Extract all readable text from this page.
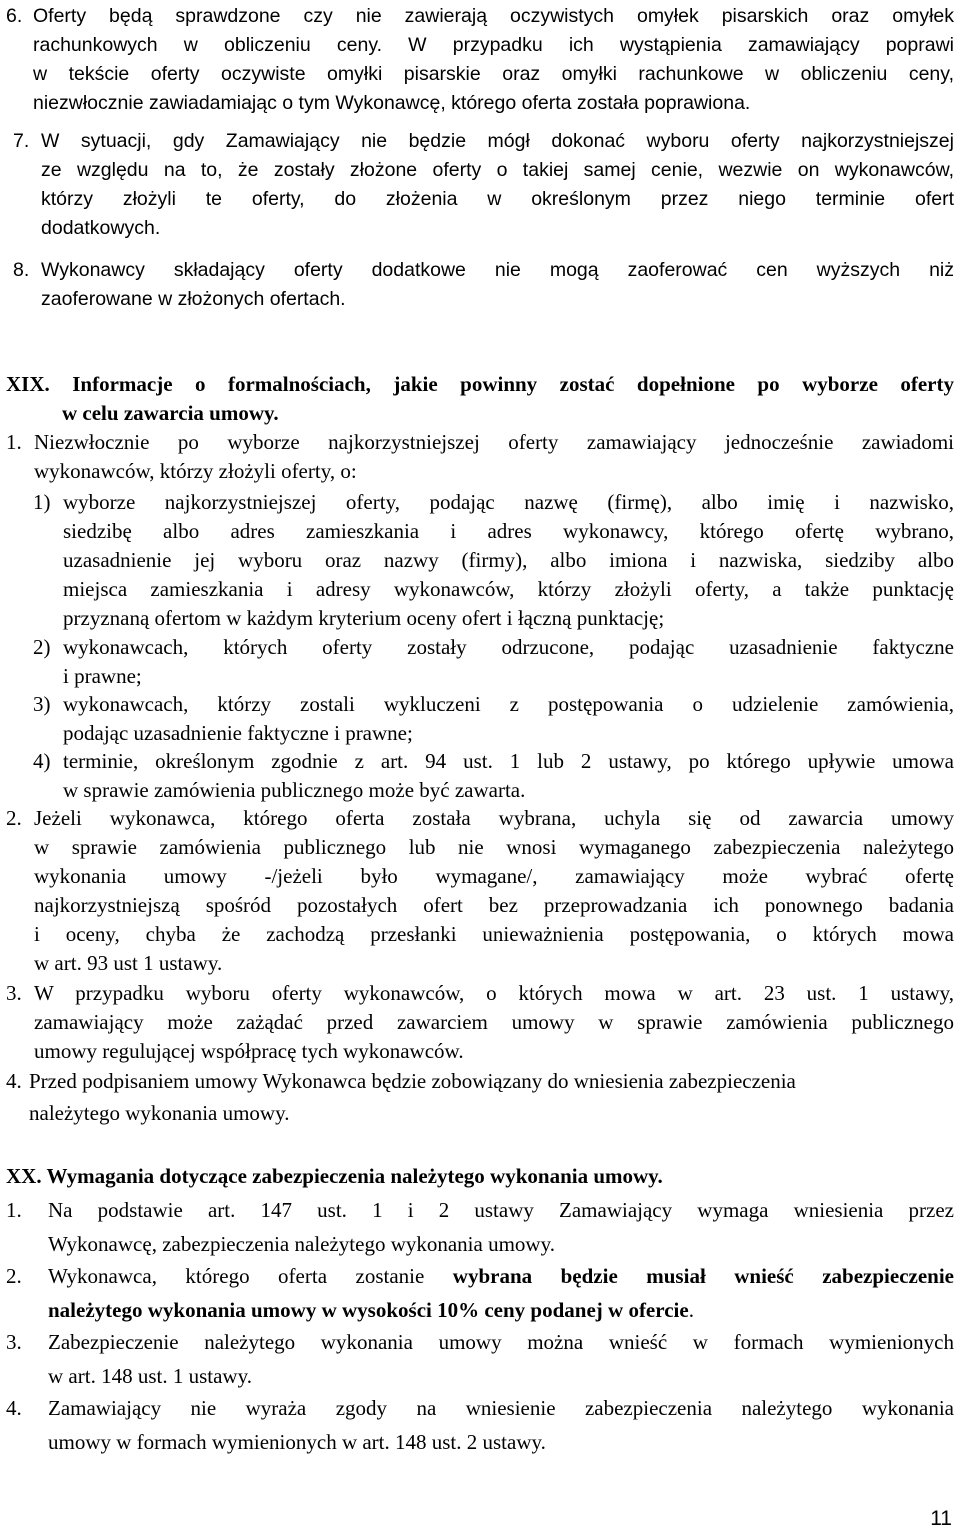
6. Oferty będą sprawdzone czy nie zawierają oczywistych omyłek pisarskich oraz omyłek
rachunkowych w obliczeniu ceny. W przypadku ich wystąpienia zamawiający poprawi
w tekście oferty oczywiste omyłki pisarskie oraz omyłki rachunkowe w obliczeniu ceny,
niezwłocznie zawiadamiając o tym Wykonawcę, którego oferta została poprawiona.
7. W sytuacji, gdy Zamawiający nie będzie mógł dokonać wyboru oferty najkorzystniejszej
ze względu na to, że zostały złożone oferty o takiej samej cenie, wezwie on wykonawców,
którzy złożyli te oferty, do złożenia w określonym przez niego terminie ofert
dodatkowych.
8. Wykonawcy składający oferty dodatkowe nie mogą zaoferować cen wyższych niż
zaoferowane w złożonych ofertach.
XIX. Informacje o formalnościach, jakie powinny zostać dopełnione po wyborze oferty
w celu zawarcia umowy.
1. Niezwłocznie po wyborze najkorzystniejszej oferty zamawiający jednocześnie zawiadomi
wykonawców, którzy złożyli oferty, o:
1) wyborze najkorzystniejszej oferty, podając nazwę (firmę), albo imię i nazwisko,
siedzibę albo adres zamieszkania i adres wykonawcy, którego ofertę wybrano,
uzasadnienie jej wyboru oraz nazwy (firmy), albo imiona i nazwiska, siedziby albo
miejsca zamieszkania i adresy wykonawców, którzy złożyli oferty, a także punktację
przyznaną ofertom w każdym kryterium oceny ofert i łączną punktację;
2) wykonawcach, których oferty zostały odrzucone, podając uzasadnienie faktyczne
i prawne;
3) wykonawcach, którzy zostali wykluczeni z postępowania o udzielenie zamówienia,
podając uzasadnienie faktyczne i prawne;
4) terminie, określonym zgodnie z art. 94 ust. 1 lub 2 ustawy, po którego upływie umowa
w sprawie zamówienia publicznego może być zawarta.
2. Jeżeli wykonawca, którego oferta została wybrana, uchyla się od zawarcia umowy
w sprawie zamówienia publicznego lub nie wnosi wymaganego zabezpieczenia należytego
wykonania umowy -/jeżeli było wymagane/, zamawiający może wybrać ofertę
najkorzystniejszą spośród pozostałych ofert bez przeprowadzania ich ponownego badania
i oceny, chyba że zachodzą przesłanki unieważnienia postępowania, o których mowa
w art. 93 ust 1 ustawy.
3. W przypadku wyboru oferty wykonawców, o których mowa w art. 23 ust. 1 ustawy,
zamawiający może zażądać przed zawarciem umowy w sprawie zamówienia publicznego
umowy regulującej współpracę tych wykonawców.
4. Przed podpisaniem umowy Wykonawca będzie zobowiązany do wniesienia zabezpieczenia
należytego wykonania umowy.
XX. Wymagania dotyczące zabezpieczenia należytego wykonania umowy.
1. Na podstawie art. 147 ust. 1 i 2 ustawy Zamawiający wymaga wniesienia przez
Wykonawcę, zabezpieczenia należytego wykonania umowy.
2. Wykonawca, którego oferta zostanie wybrana będzie musiał wnieść zabezpieczenie
należytego wykonania umowy w wysokości 10% ceny podanej w ofercie.
3. Zabezpieczenie należytego wykonania umowy można wnieść w formach wymienionych
w art. 148 ust. 1 ustawy.
4. Zamawiający nie wyraża zgody na wniesienie zabezpieczenia należytego wykonania
umowy w formach wymienionych w art. 148 ust. 2 ustawy.
11
